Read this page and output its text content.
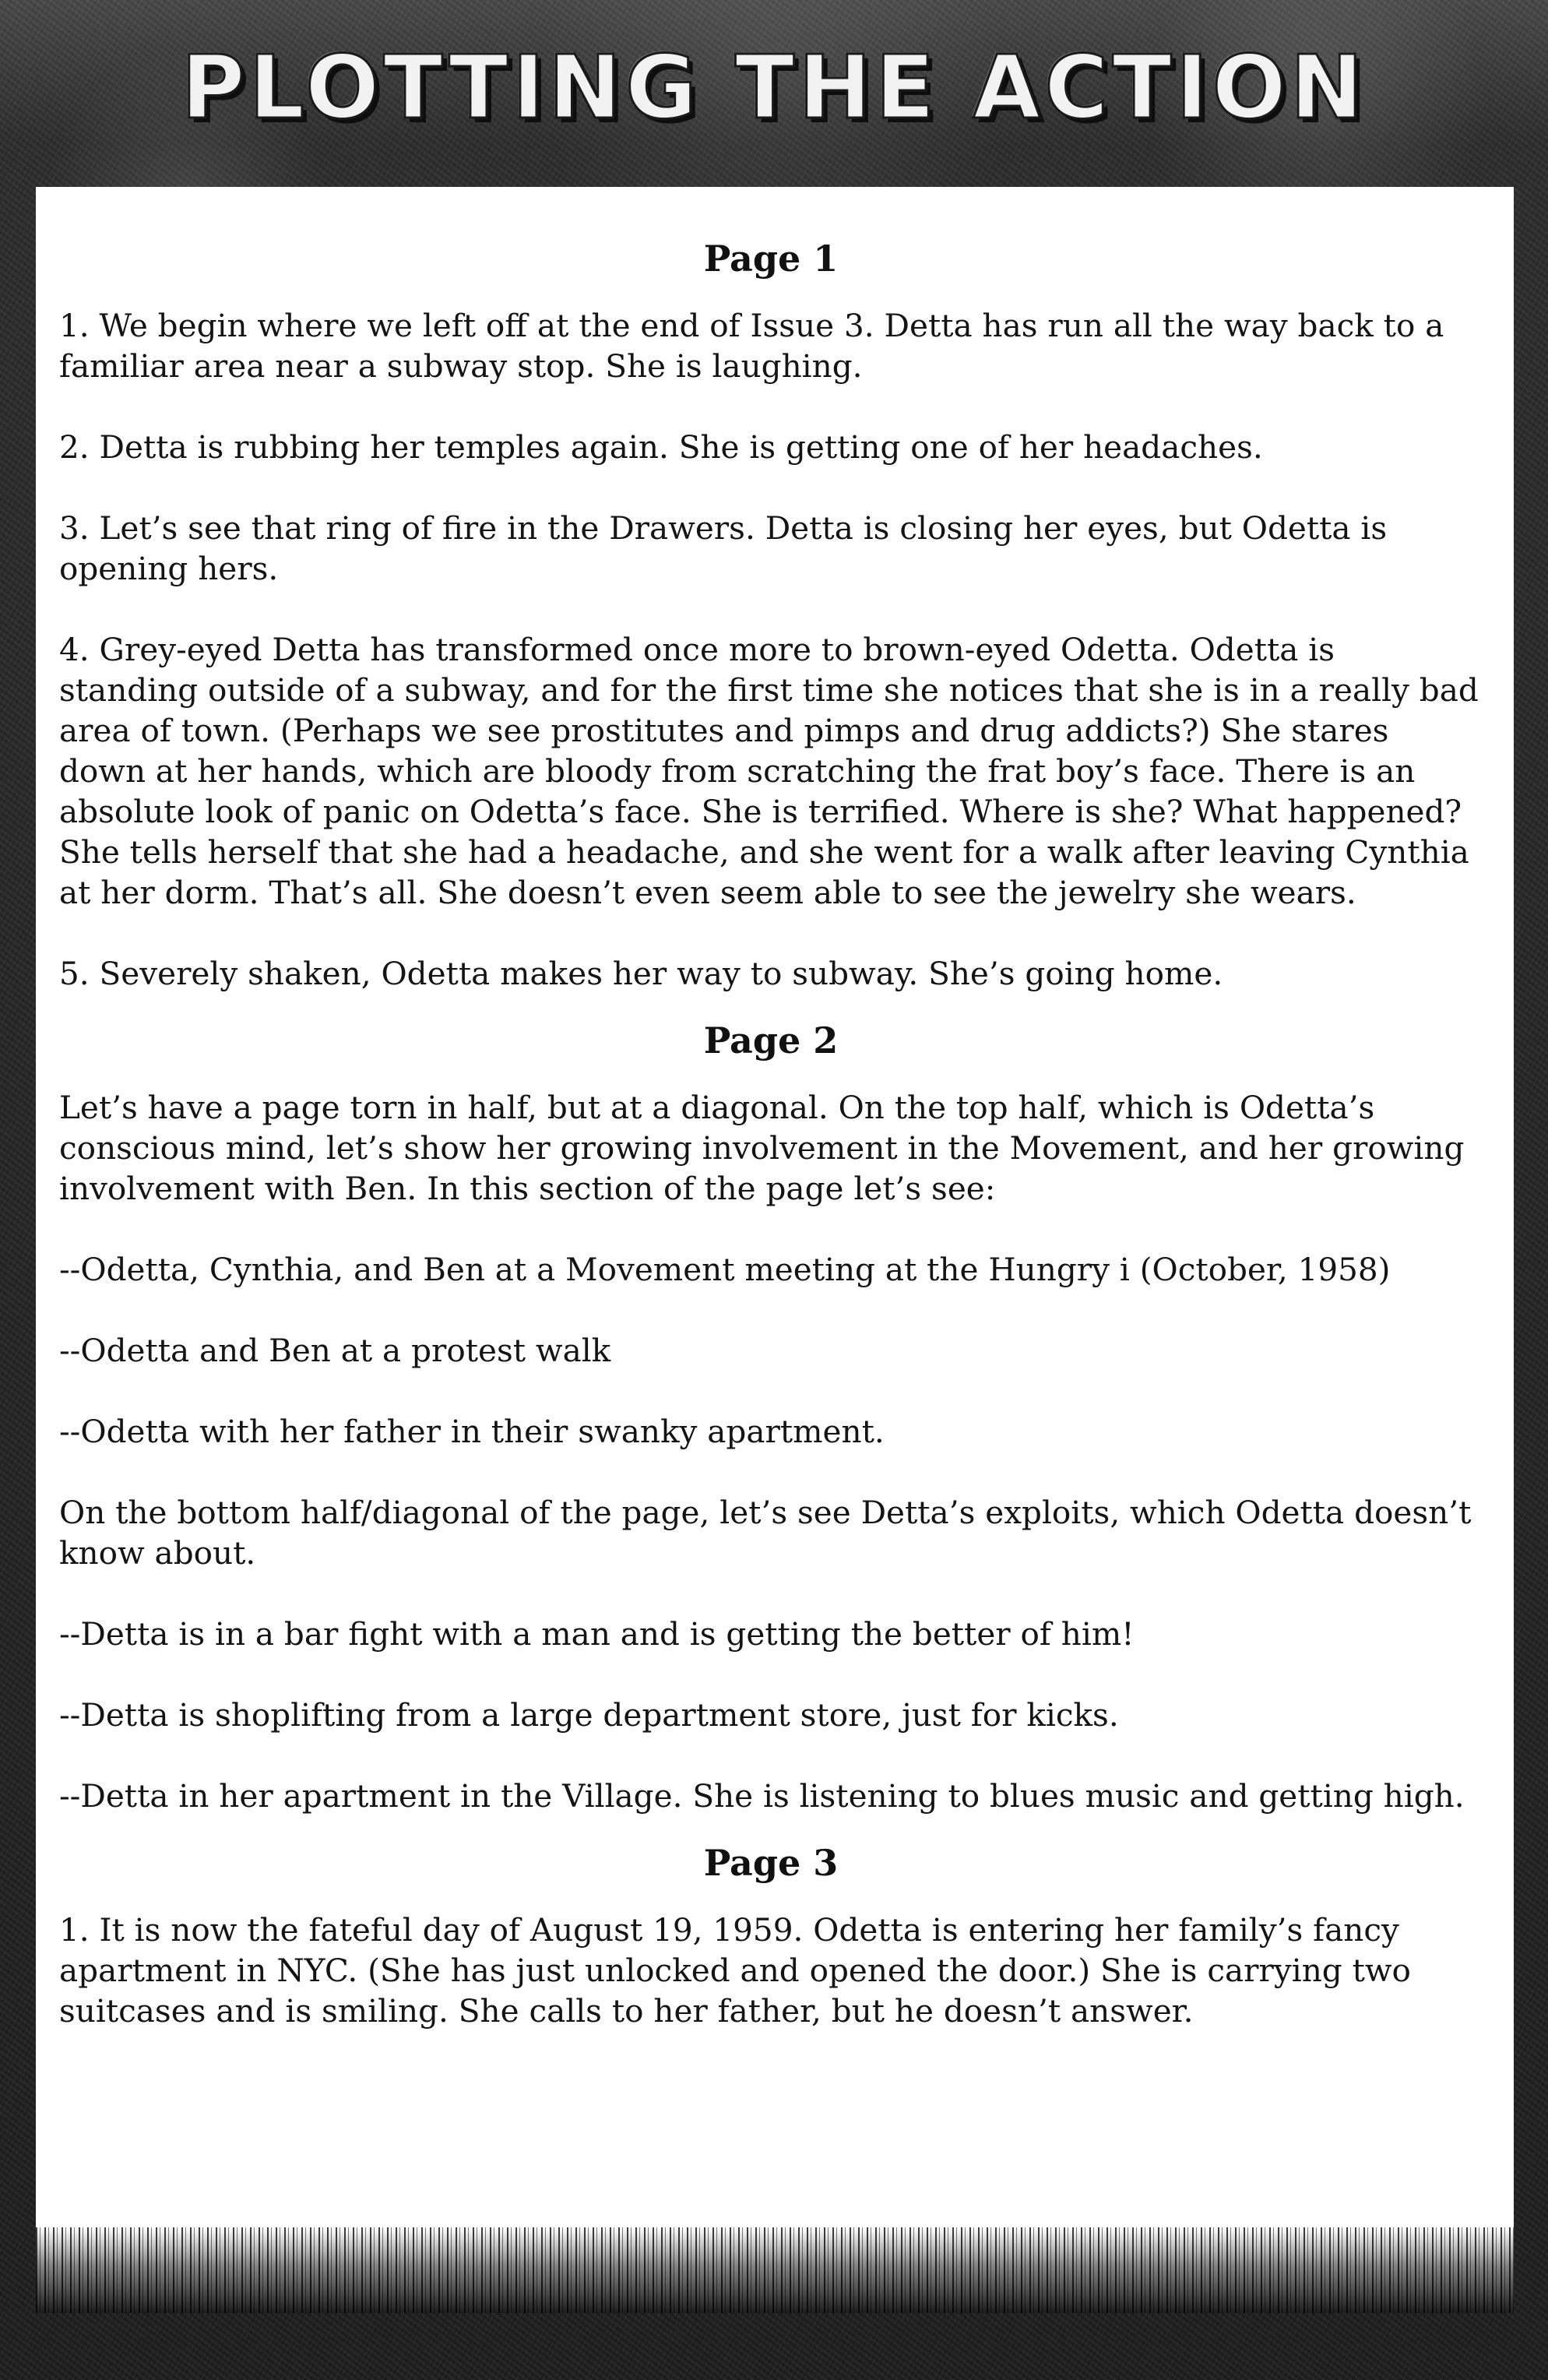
PLOTTING THE ACTION
Page 1

1. We begin where we left off at the end of Issue 3. Detta has run all the way back to a familiar area near a subway stop. She is laughing.

2. Detta is rubbing her temples again. She is getting one of her headaches.

3. Let’s see that ring of fire in the Drawers. Detta is closing her eyes, but Odetta is opening hers.

4. Grey-eyed Detta has transformed once more to brown-eyed Odetta. Odetta is standing outside of a subway, and for the first time she notices that she is in a really bad area of town. (Perhaps we see prostitutes and pimps and drug addicts?) She stares down at her hands, which are bloody from scratching the frat boy’s face. There is an absolute look of panic on Odetta’s face. She is terrified. Where is she? What happened? She tells herself that she had a headache, and she went for a walk after leaving Cynthia at her dorm. That’s all. She doesn’t even seem able to see the jewelry she wears.

5. Severely shaken, Odetta makes her way to subway. She’s going home.

Page 2

Let’s have a page torn in half, but at a diagonal. On the top half, which is Odetta’s conscious mind, let’s show her growing involvement in the Movement, and her growing involvement with Ben. In this section of the page let’s see:

--Odetta, Cynthia, and Ben at a Movement meeting at the Hungry i (October, 1958)

--Odetta and Ben at a protest walk

--Odetta with her father in their swanky apartment.

On the bottom half/diagonal of the page, let’s see Detta’s exploits, which Odetta doesn’t know about.

--Detta is in a bar fight with a man and is getting the better of him!

--Detta is shoplifting from a large department store, just for kicks.

--Detta in her apartment in the Village. She is listening to blues music and getting high.

Page 3

1. It is now the fateful day of August 19, 1959. Odetta is entering her family’s fancy apartment in NYC. (She has just unlocked and opened the door.) She is carrying two suitcases and is smiling. She calls to her father, but he doesn’t answer.
